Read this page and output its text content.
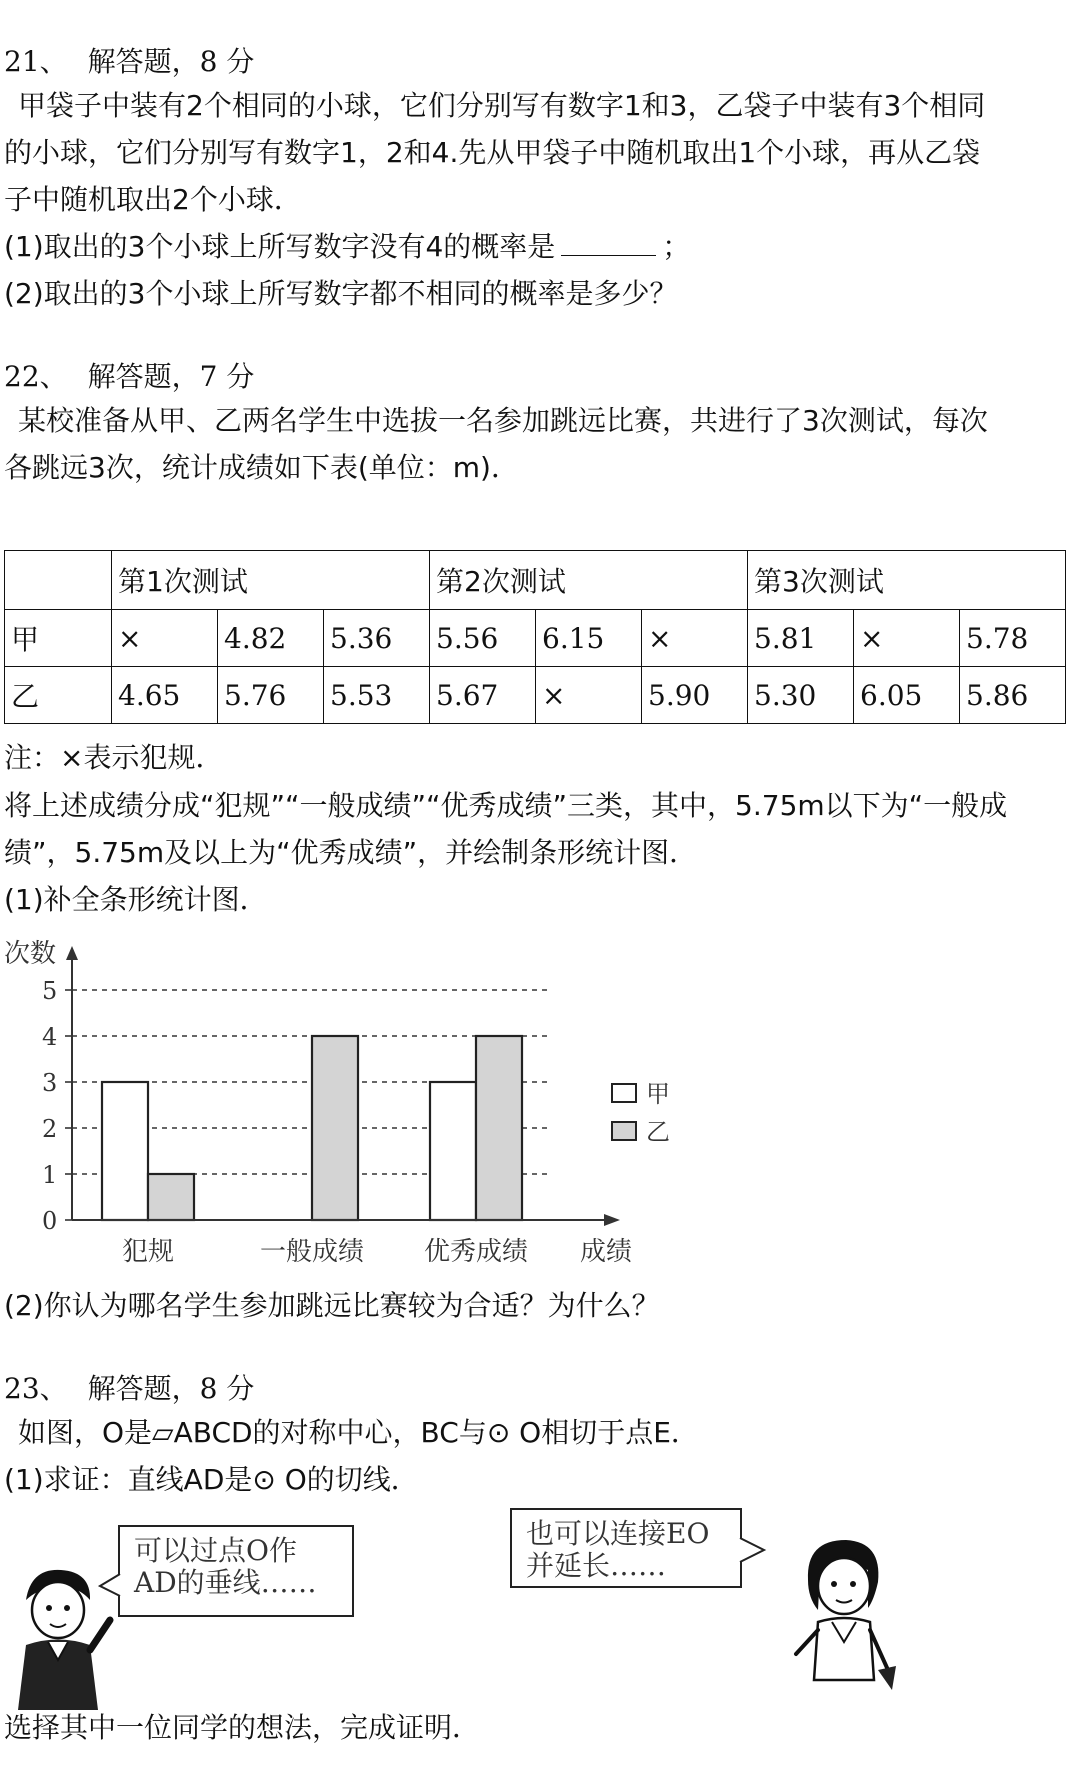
21、 解答题，8 分
甲袋子中装有2个相同的小球，它们分别写有数字1和3，乙袋子中装有3个相同
的小球，它们分别写有数字1，2和4.先从甲袋子中随机取出1个小球，再从乙袋
子中随机取出2个小球．
(1)取出的3个小球上所写数字没有4的概率是	；
(2)取出的3个小球上所写数字都不相同的概率是多少？
22、 解答题，7 分
某校准备从甲、乙两名学生中选拔一名参加跳远比赛，共进行了3次测试，每次
各跳远3次，统计成绩如下表(单位：m)．
	第1次测试			第2次测试			第3次测试		
甲	×	4.82	5.36	5.56	6.15	×	5.81	×	5.78
乙	4.65	5.76	5.53	5.67	×	5.90	5.30	6.05	5.86
注：×表示犯规．
将上述成绩分成“犯规”“一般成绩”“优秀成绩”三类，其中，5.75m以下为“一般成
绩”，5.75m及以上为“优秀成绩”，并绘制条形统计图．
(1)补全条形统计图．
0
1
2
3
4
5
犯规	一般成绩 优秀成绩
次数
成绩
甲
乙
(2)你认为哪名学生参加跳远比赛较为合适？为什么？
23、 解答题，8 分
如图，O是▱ABCD的对称中心，BC与⊙ O相切于点E．
(1)求证：直线AD是⊙ O的切线．
可以过点O作
AD的垂线……
也可以连接EO
并延长……
选择其中一位同学的想法，完成证明．
